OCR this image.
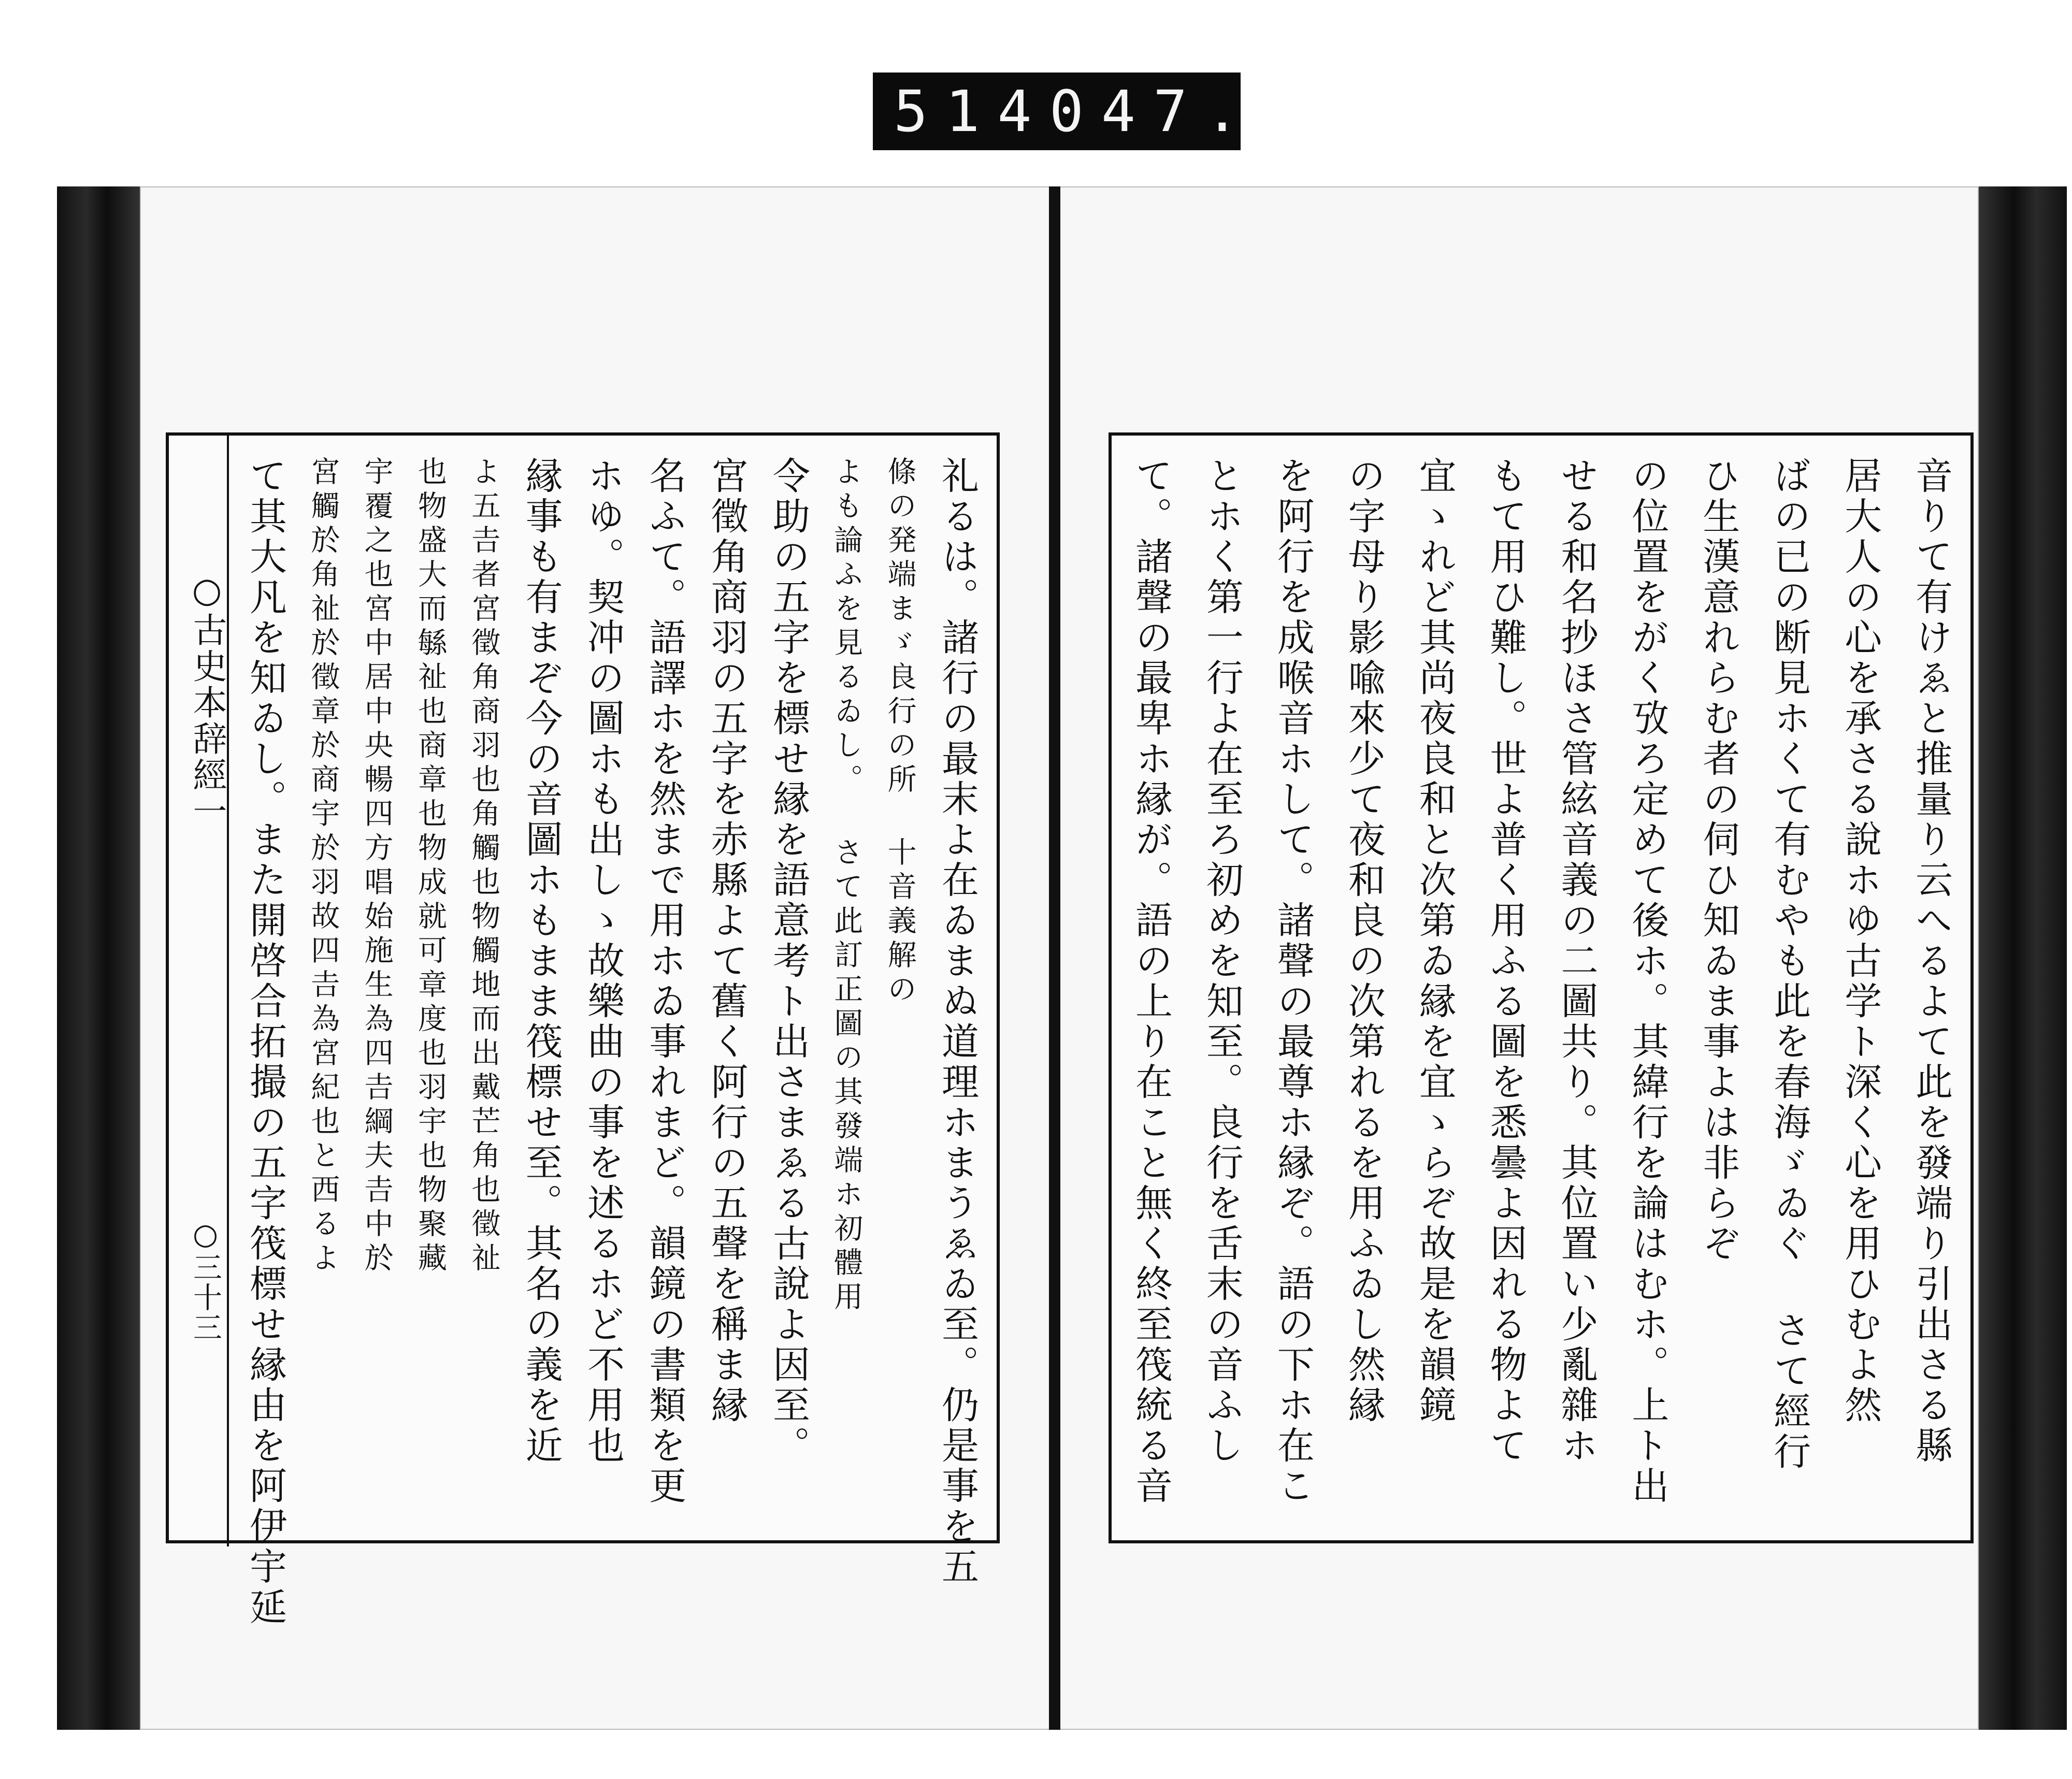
514 047.
○古史本辞經一
○三十三	礼るは。諸行の最末よ在ゐまぬ道理ホまうゑゐ至。仍是事を五
條の発端まゞ良行の所 十音義解の
よも論ふを見るゐし。 さて此訂正圖の其發端ホ初體用
令助の五字を標せ縁を語意考ト出さまゑる古說よ因至。
宮徵角商羽の五字を赤縣よて舊く阿行の五聲を稱ま縁
名ふて。語譯ホを然まで用ホゐ事れまど。韻鏡の書類を更
ホゆ。契冲の圖ホも出しゝ故樂曲の事を述るホど不用也
縁事も有まぞ今の音圖ホもまま筏標せ至。其名の義を近
よ五𠮷者宮徵角商羽也角觸也物觸地而出戴芒角也徵祉
也物盛大而緐祉也商章也物成就可章度也羽宇也物聚藏
宇覆之也宮中居中央暢四方唱始施生為四𠮷綱夫𠮷中於
宮觸於角祉於徵章於商宇於羽故四𠮷為宮紀也と西るよ
て其大凡を知ゐし。また開啓合拓撮の五字筏標せ縁由を阿伊宇延	音りて有けゑと推量り云へるよて此を發端り引出さる縣
居大人の心を承さる說ホゆ古学ト深く心を用ひむよ然
ばの已の断見ホくて有むやも此を春海ゞゐぐ さて經行
ひ生漢意れらむ者の伺ひ知ゐま事よは非らぞ
の位置をがく攷ろ定めて後ホ。其緯行を論はむホ。上ト出
せる和名抄ほさ管絃音義の二圖共り。其位置い少亂雜ホ
もて用ひ難し。世よ普く用ふる圖を悉曇よ因れる物よて
宜ゝれど其尚夜良和と次第ゐ縁を宜ゝらぞ故是を韻鏡
の字母り影喩來少て夜和良の次第れるを用ふゐし然縁
を阿行を成喉音ホして。諸聲の最尊ホ縁ぞ。語の下ホ在こ
とホく第一行よ在至ろ初めを知至。良行を舌末の音ふし
て。諸聲の最卑ホ縁が。語の上り在こと無く終至筏統る音
